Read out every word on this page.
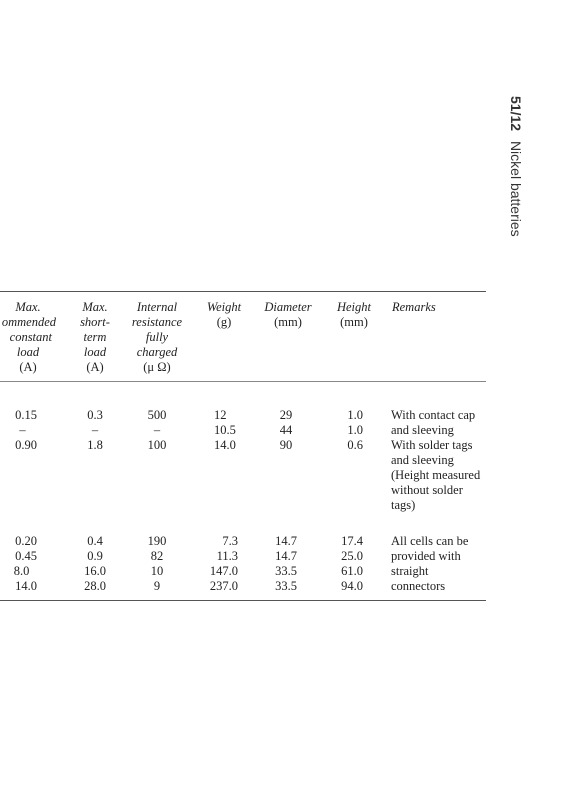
51/12 Nickel batteries
Max.
ommended
constant
load
(A)
Max.
short-
term
load
(A)
Internal
resistance
fully
charged
(μ Ω)
Weight
(g)
Diameter
(mm)
Height
(mm)
Remarks
0.15
–
0.90
0.3
–
1.8
500
–
100
12
10.5
14.0
29
44
90
1.0
1.0
0.6
With contact cap
and sleeving
With solder tags
and sleeving
(Height measured
without solder
tags)
0.20
0.45
8.0
14.0
0.4
0.9
16.0
28.0
190
82
10
9
7.3
11.3
147.0
237.0
14.7
14.7
33.5
33.5
17.4
25.0
61.0
94.0
All cells can be
provided with
straight
connectors
